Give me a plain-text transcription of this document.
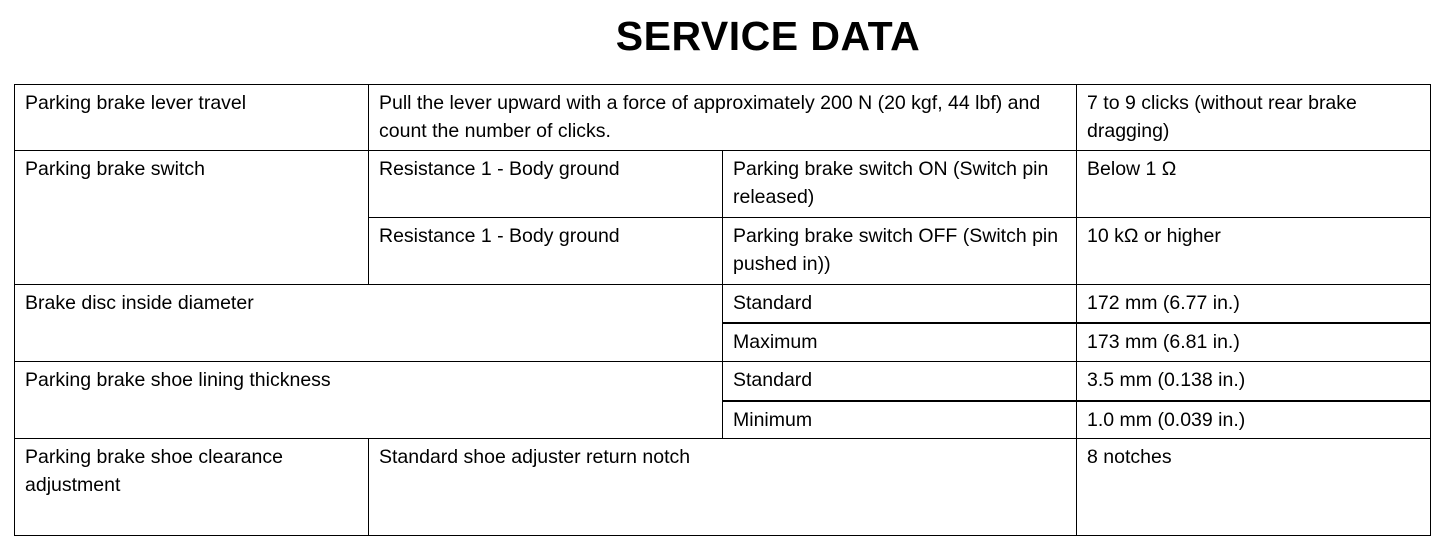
SERVICE DATA
Parking brake lever travel	Pull the lever upward with a force of approximately 200 N (20 kgf, 44 lbf) and count the number of clicks.		7 to 9 clicks (without rear brake dragging)
Parking brake switch	Resistance 1 - Body ground	Parking brake switch ON (Switch pin released)	Below 1 Ω
	Resistance 1 - Body ground	Parking brake switch OFF (Switch pin pushed in))	10 kΩ or higher
Brake disc inside diameter		Standard	172 mm (6.77 in.)
		Maximum	173 mm (6.81 in.)
Parking brake shoe lining thickness		Standard	3.5 mm (0.138 in.)
		Minimum	1.0 mm (0.039 in.)
Parking brake shoe clearance adjustment	Standard shoe adjuster return notch		8 notches
